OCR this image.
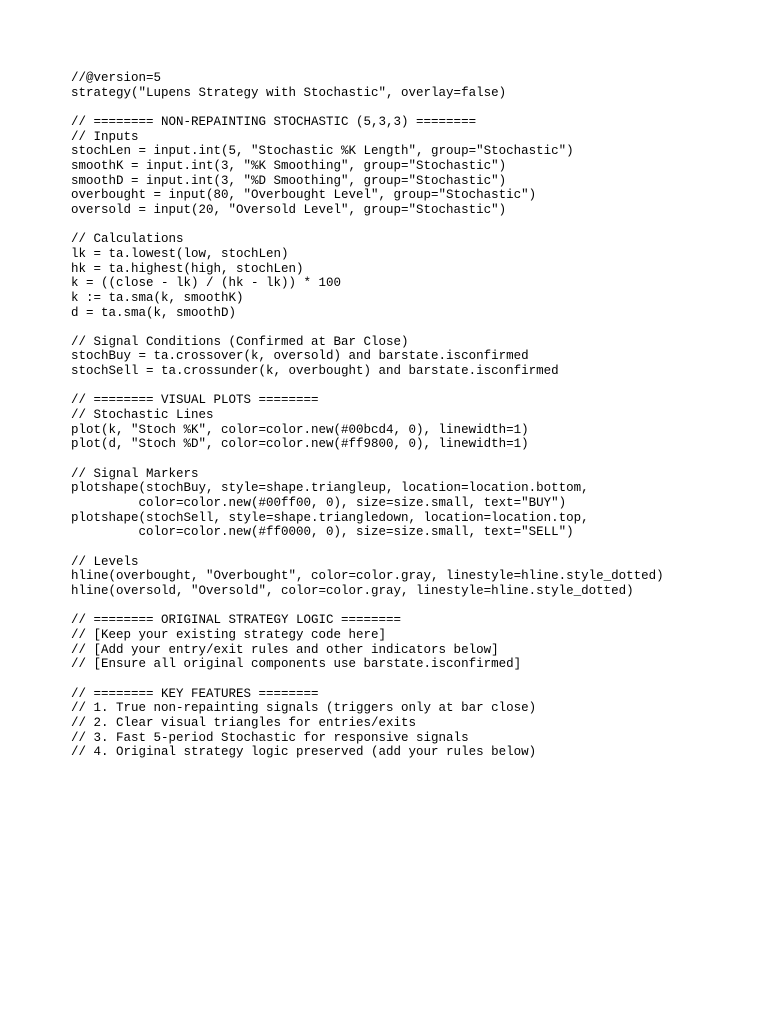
//@version=5
strategy("Lupens Strategy with Stochastic", overlay=false)
// ======== NON-REPAINTING STOCHASTIC (5,3,3) ========
// Inputs
stochLen = input.int(5, "Stochastic %K Length", group="Stochastic")
smoothK = input.int(3, "%K Smoothing", group="Stochastic")
smoothD = input.int(3, "%D Smoothing", group="Stochastic")
overbought = input(80, "Overbought Level", group="Stochastic")
oversold = input(20, "Oversold Level", group="Stochastic")
// Calculations
lk = ta.lowest(low, stochLen)
hk = ta.highest(high, stochLen)
k = ((close - lk) / (hk - lk)) * 100
k := ta.sma(k, smoothK)
d = ta.sma(k, smoothD)
// Signal Conditions (Confirmed at Bar Close)
stochBuy = ta.crossover(k, oversold) and barstate.isconfirmed
stochSell = ta.crossunder(k, overbought) and barstate.isconfirmed
// ======== VISUAL PLOTS ========
// Stochastic Lines
plot(k, "Stoch %K", color=color.new(#00bcd4, 0), linewidth=1)
plot(d, "Stoch %D", color=color.new(#ff9800, 0), linewidth=1)
// Signal Markers
plotshape(stochBuy, style=shape.triangleup, location=location.bottom,
color=color.new(#00ff00, 0), size=size.small, text="BUY")
plotshape(stochSell, style=shape.triangledown, location=location.top,
color=color.new(#ff0000, 0), size=size.small, text="SELL")
// Levels
hline(overbought, "Overbought", color=color.gray, linestyle=hline.style_dotted)
hline(oversold, "Oversold", color=color.gray, linestyle=hline.style_dotted)
// ======== ORIGINAL STRATEGY LOGIC ========
// [Keep your existing strategy code here]
// [Add your entry/exit rules and other indicators below]
// [Ensure all original components use barstate.isconfirmed]
// ======== KEY FEATURES ========
// 1. True non-repainting signals (triggers only at bar close)
// 2. Clear visual triangles for entries/exits
// 3. Fast 5-period Stochastic for responsive signals
// 4. Original strategy logic preserved (add your rules below)
